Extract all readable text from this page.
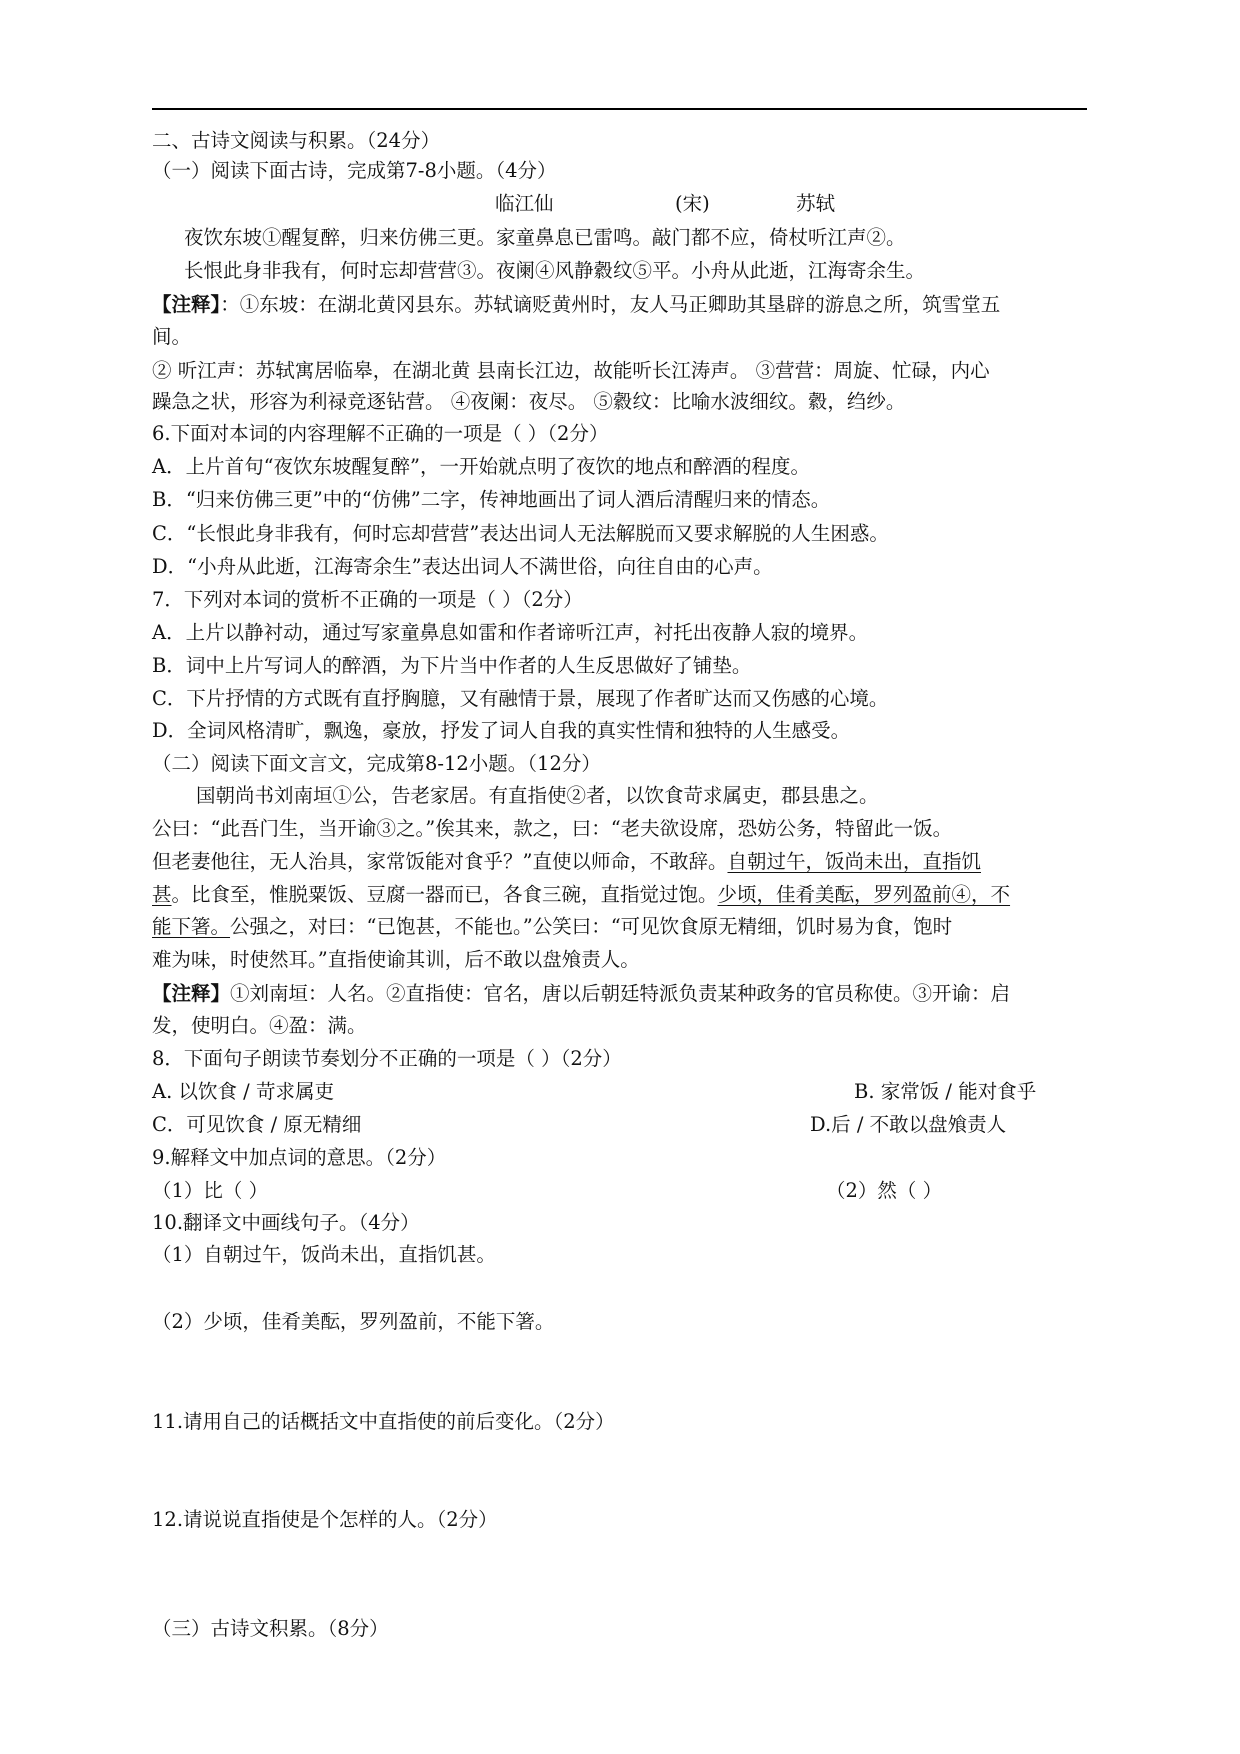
二、古诗文阅读与积累。（24分）
（一）阅读下面古诗，完成第7-8小题。（4分）
临江仙	(宋)	苏轼
夜饮东坡①醒复醉，归来仿佛三更。家童鼻息已雷鸣。敲门都不应，倚杖听江声②。
长恨此身非我有，何时忘却营营③。夜阑④风静縠纹⑤平。小舟从此逝，江海寄余生。
【注释】：①东坡：在湖北黄冈县东。苏轼谪贬黄州时，友人马正卿助其垦辟的游息之所，筑雪堂五
间。
② 听江声：苏轼寓居临皋，在湖北黄 县南长江边，故能听长江涛声。 ③营营：周旋、忙碌，内心
躁急之状，形容为利禄竞逐钻营。 ④夜阑：夜尽。 ⑤縠纹：比喻水波细纹。縠，绉纱。
6.下面对本词的内容理解不正确的一项是（ ）（2分）
A．上片首句“夜饮东坡醒复醉”，一开始就点明了夜饮的地点和醉酒的程度。
B．“归来仿佛三更”中的“仿佛”二字，传神地画出了词人酒后清醒归来的情态。
C．“长恨此身非我有，何时忘却营营”表达出词人无法解脱而又要求解脱的人生困惑。
D．“小舟从此逝，江海寄余生”表达出词人不满世俗，向往自由的心声。
7．下列对本词的赏析不正确的一项是（ ）（2分）
A．上片以静衬动，通过写家童鼻息如雷和作者谛听江声，衬托出夜静人寂的境界。
B．词中上片写词人的醉酒，为下片当中作者的人生反思做好了铺垫。
C．下片抒情的方式既有直抒胸臆，又有融情于景，展现了作者旷达而又伤感的心境。
D．全词风格清旷，飘逸，豪放，抒发了词人自我的真实性情和独特的人生感受。
（二）阅读下面文言文，完成第8-12小题。（12分）
国朝尚书刘南垣①公，告老家居。有直指使②者，以饮食苛求属吏，郡县患之。
公曰：“此吾门生，当开谕③之。”俟其来，款之，曰：“老夫欲设席，恐妨公务，特留此一饭。
但老妻他往，无人治具，家常饭能对食乎？”直使以师命，不敢辞。自朝过午，饭尚未出，直指饥
甚。比食至，惟脱粟饭、豆腐一器而已，各食三碗，直指觉过饱。少顷，佳肴美酝，罗列盈前④，不
能下箸。公强之，对曰：“已饱甚，不能也。”公笑曰：“可见饮食原无精细，饥时易为食，饱时
难为味，时使然耳。”直指使谕其训，后不敢以盘飧责人。
【注释】①刘南垣：人名。②直指使：官名，唐以后朝廷特派负责某种政务的官员称使。③开谕：启
发，使明白。④盈：满。
8．下面句子朗读节奏划分不正确的一项是（ ）（2分）
A. 以饮食 / 苛求属吏	B. 家常饭 / 能对食乎
C．可见饮食 / 原无精细	D.后 / 不敢以盘飧责人
9.解释文中加点词的意思。（2分）
（1）比（ ）	（2）然（ ）
10.翻译文中画线句子。（4分）
（1）自朝过午，饭尚未出，直指饥甚。
（2）少顷，佳肴美酝，罗列盈前，不能下箸。
11.请用自己的话概括文中直指使的前后变化。（2分）
12.请说说直指使是个怎样的人。（2分）
（三）古诗文积累。（8分）
